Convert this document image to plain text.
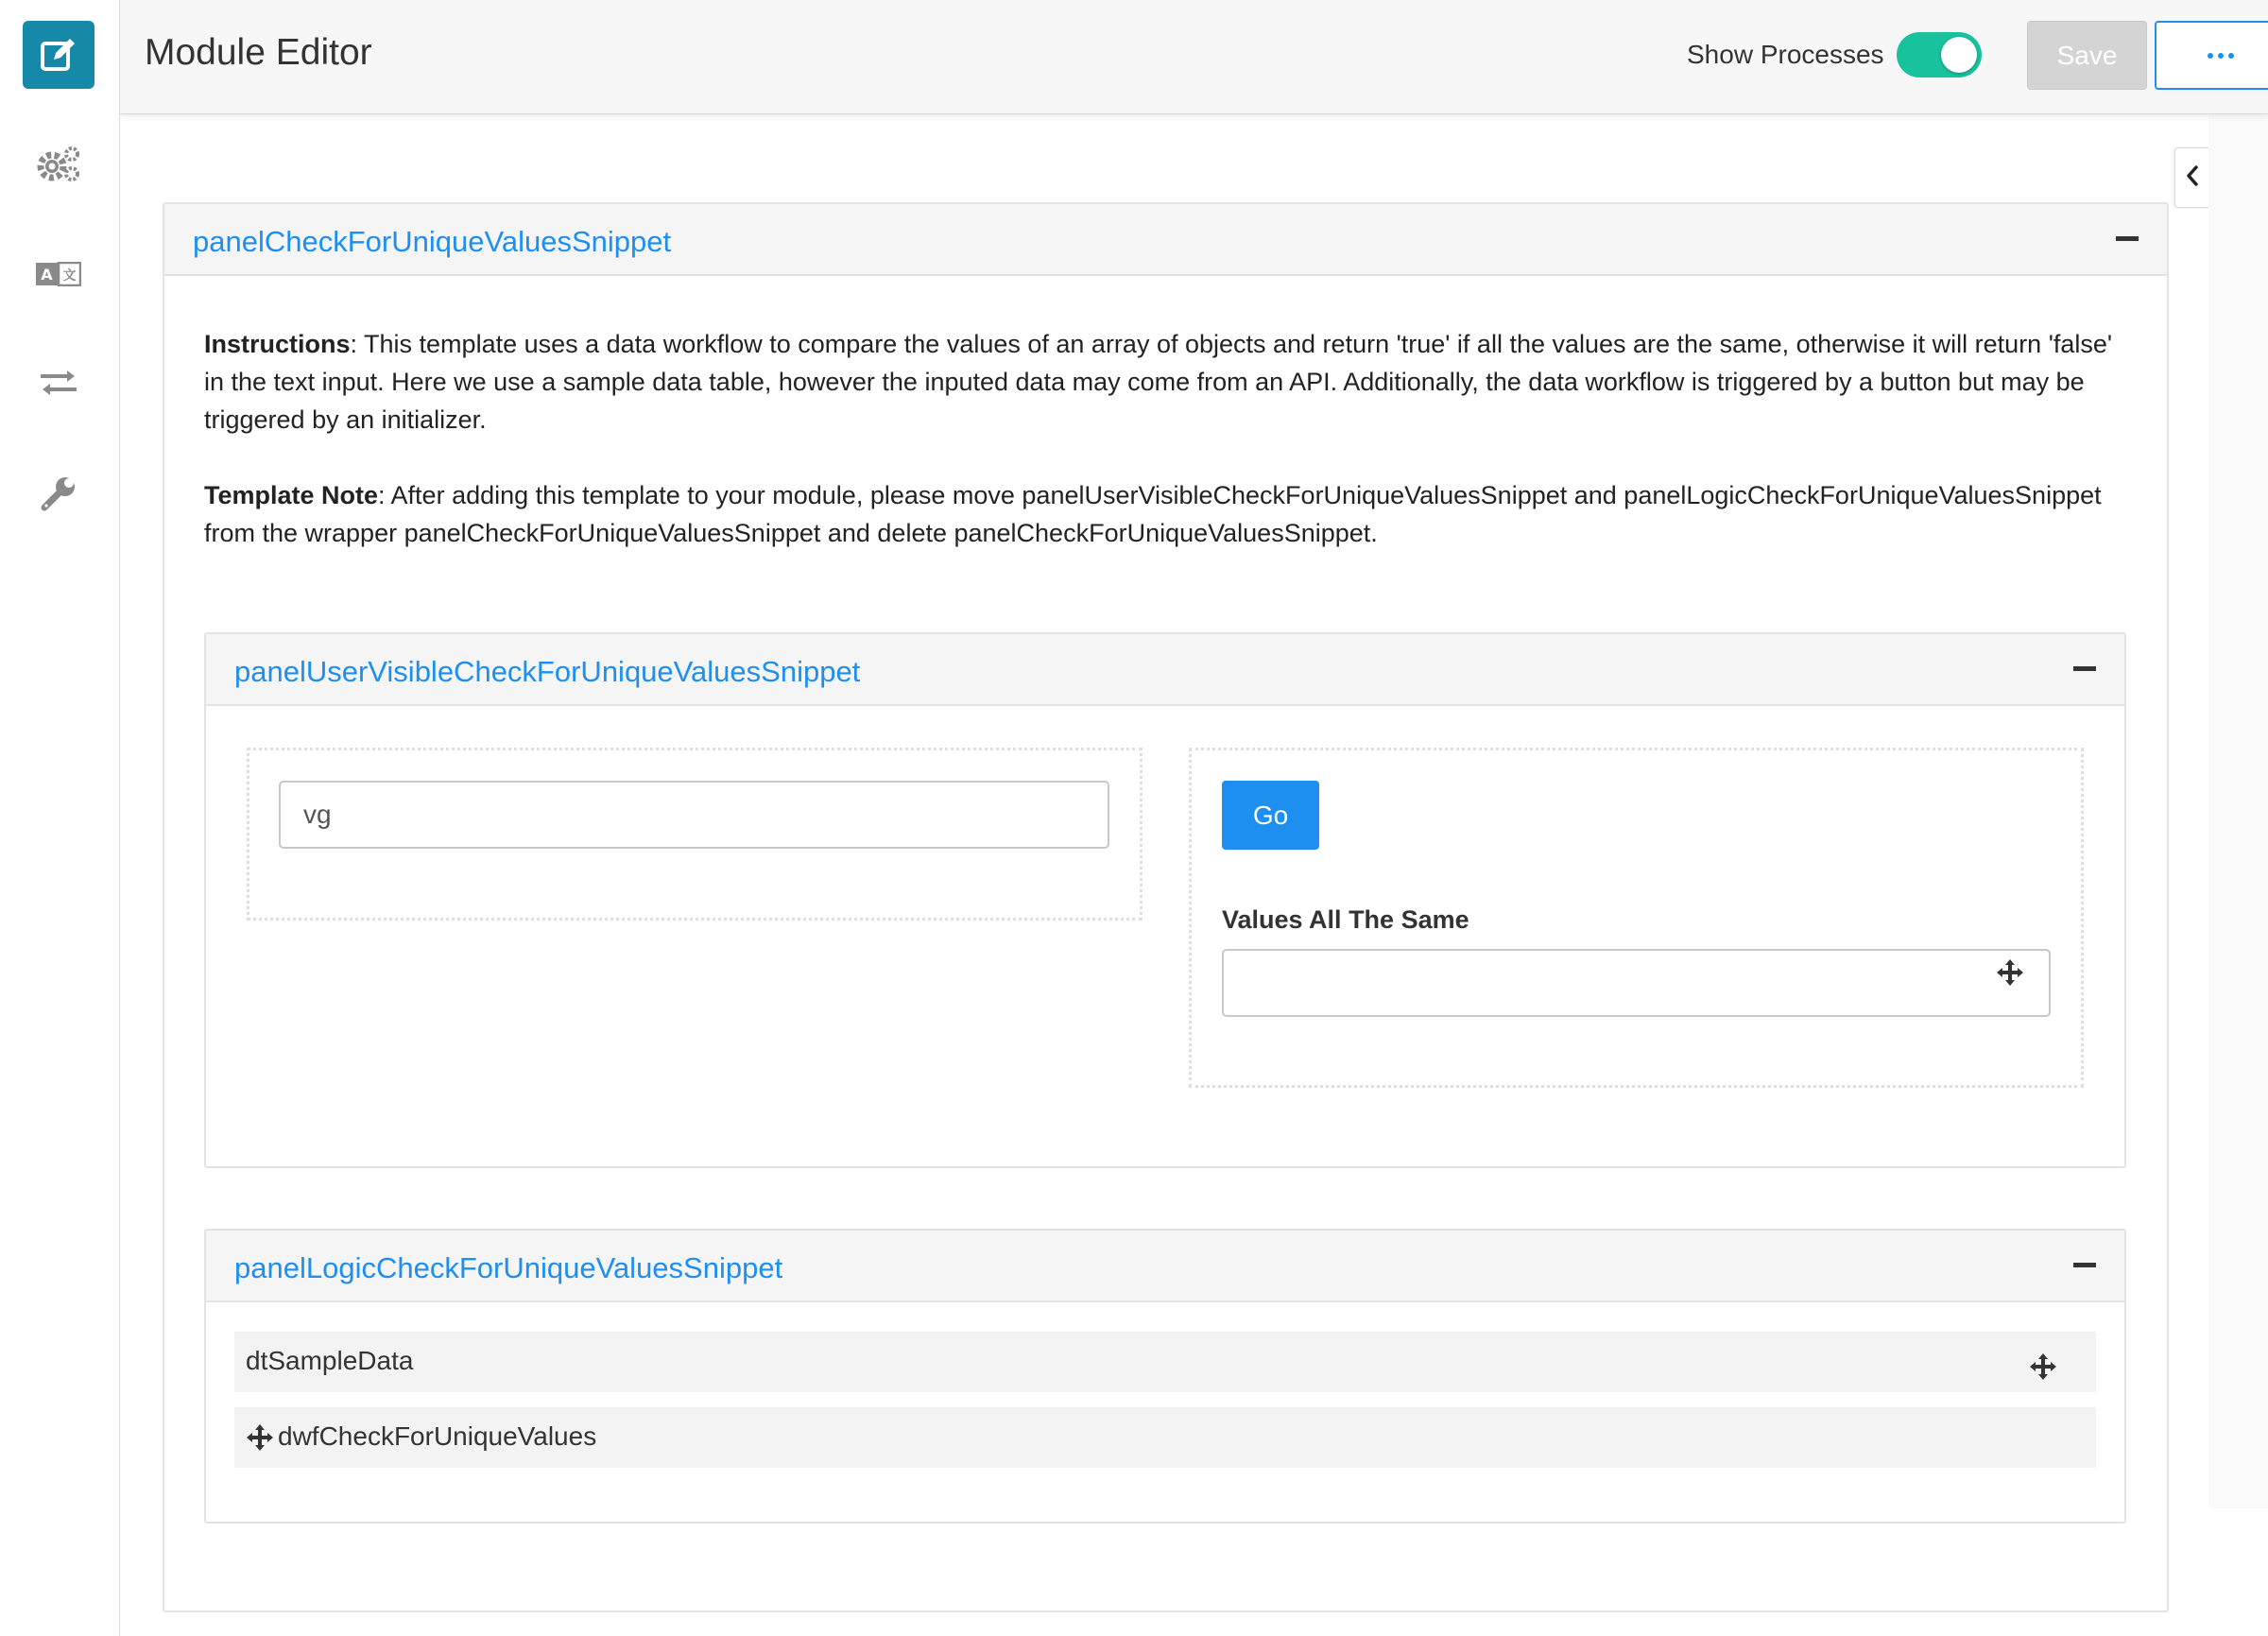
A 文
Module Editor	Show Processes	Save
panelCheckForUniqueValuesSnippet

Instructions: This template uses a data workflow to compare the values of an array of objects and return 'true' if all the values are the same, otherwise it will return 'false' in the text input. Here we use a sample data table, however the inputed data may come from an API. Additionally, the data workflow is triggered by a button but may be triggered by an initializer.

Template Note: After adding this template to your module, please move panelUserVisibleCheckForUniqueValuesSnippet and panelLogicCheckForUniqueValuesSnippet from the wrapper panelCheckForUniqueValuesSnippet and delete panelCheckForUniqueValuesSnippet.

panelUserVisibleCheckForUniqueValuesSnippet
vg	Go
Values All The Same
panelLogicCheckForUniqueValuesSnippet
dtSampleData
dwfCheckForUniqueValues
